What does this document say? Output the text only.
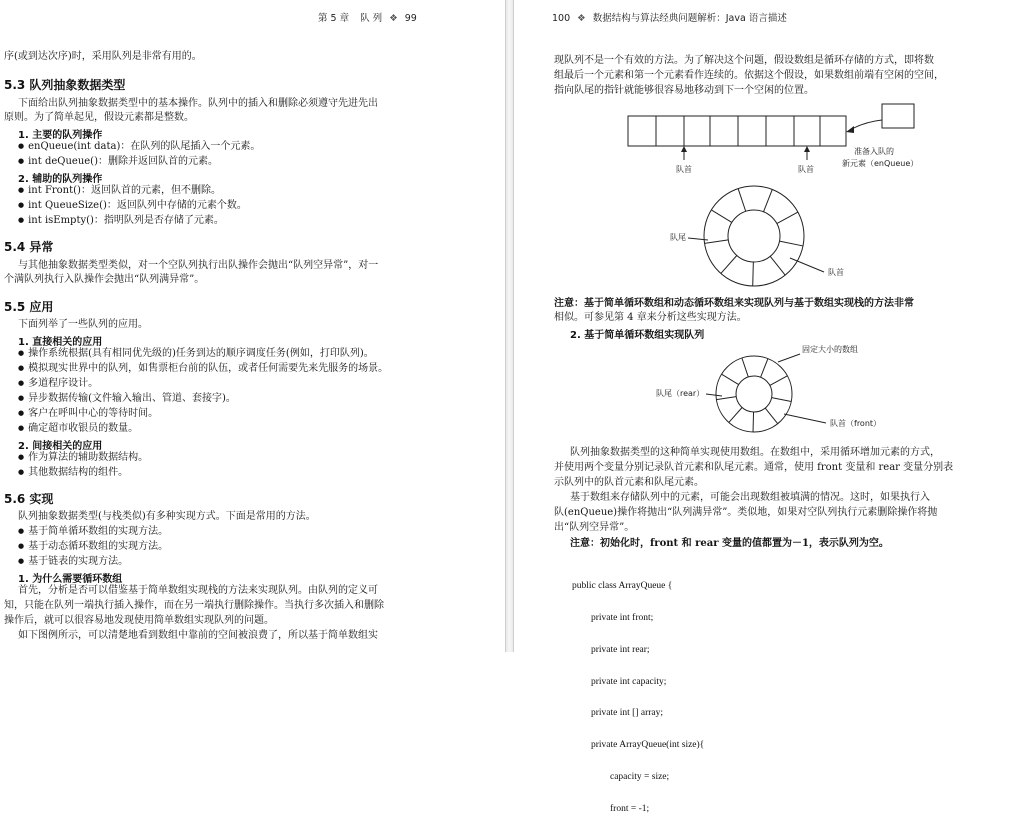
第 5 章 队 列 ❖ 99
序(或到达次序)时，采用队列是非常有用的。
5.3 队列抽象数据类型
下面给出队列抽象数据类型中的基本操作。队列中的插入和删除必须遵守先进先出
原则。为了简单起见，假设元素都是整数。
1. 主要的队列操作
● enQueue(int data)：在队列的队尾插入一个元素。
● int deQueue()：删除并返回队首的元素。
2. 辅助的队列操作
● int Front()：返回队首的元素，但不删除。
● int QueueSize()：返回队列中存储的元素个数。
● int isEmpty()：指明队列是否存储了元素。
5.4 异常
与其他抽象数据类型类似，对一个空队列执行出队操作会抛出“队列空异常”，对一
个满队列执行入队操作会抛出“队列满异常”。
5.5 应用
下面列举了一些队列的应用。
1. 直接相关的应用
● 操作系统根据(具有相同优先级的)任务到达的顺序调度任务(例如，打印队列)。
● 模拟现实世界中的队列，如售票柜台前的队伍，或者任何需要先来先服务的场景。
● 多道程序设计。
● 异步数据传输(文件输入输出、管道、套接字)。
● 客户在呼叫中心的等待时间。
● 确定超市收银员的数量。
2. 间接相关的应用
● 作为算法的辅助数据结构。
● 其他数据结构的组件。
5.6 实现
队列抽象数据类型(与栈类似)有多种实现方式。下面是常用的方法。
● 基于简单循环数组的实现方法。
● 基于动态循环数组的实现方法。
● 基于链表的实现方法。
1. 为什么需要循环数组
首先，分析是否可以借鉴基于简单数组实现栈的方法来实现队列。由队列的定义可
知，只能在队列一端执行插入操作，而在另一端执行删除操作。当执行多次插入和删除
操作后，就可以很容易地发现使用简单数组实现队列的问题。
如下图例所示，可以清楚地看到数组中靠前的空间被浪费了，所以基于简单数组实
100 ❖ 数据结构与算法经典问题解析：Java 语言描述
现队列不是一个有效的方法。为了解决这个问题，假设数组是循环存储的方式，即将数
组最后一个元素和第一个元素看作连续的。依据这个假设，如果数组前端有空闲的空间，
指向队尾的指针就能够很容易地移动到下一个空闲的位置。
队首	队首
准备入队的
新元素（enQueue）
队尾
队首
注意：基于简单循环数组和动态循环数组来实现队列与基于数组实现栈的方法非常
相似。可参见第 4 章来分析这些实现方法。
2. 基于简单循环数组实现队列
固定大小的数组
队尾（rear）
队首（front）
队列抽象数据类型的这种简单实现使用数组。在数组中，采用循环增加元素的方式，
并使用两个变量分别记录队首元素和队尾元素。通常，使用 front 变量和 rear 变量分别表
示队列中的队首元素和队尾元素。
基于数组来存储队列中的元素，可能会出现数组被填满的情况。这时，如果执行入
队(enQueue)操作将抛出“队列满异常”。类似地，如果对空队列执行元素删除操作将抛
出“队列空异常”。
注意：初始化时，front 和 rear 变量的值都置为－1，表示队列为空。

public class ArrayQueue {

private int front;

private int rear;

private int capacity;

private int [] array;

private ArrayQueue(int size){

capacity = size;

front = -1;
